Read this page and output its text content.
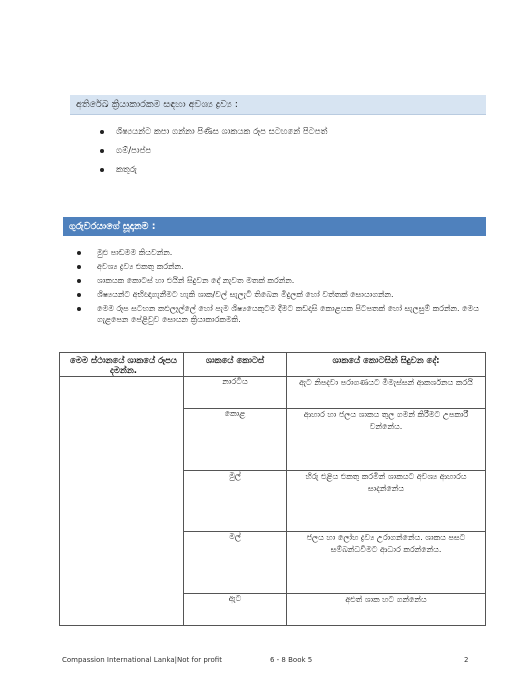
අතිරේඛ ක්‍රියාකාරකම සඳහා අවශ්‍ය ද්‍රව්‍ය :
ශිෂ්‍යයන්ට කපා ගන්නා පිණිස ශාකයක රූප සටහනේ පිටපත්
ගම්/පාප්ප
කතුරු
ගුරුවරයාගේ සූදානම :
මුළු පාඩමම කියවන්න.
අවශ්‍ය ද්‍රව්‍ය එකතු කරන්න.
ශාකයක කොටස් හා එයින් සිදුවන දේ නැවත මතක් කරන්න.
ශිෂ්‍යයන්ට අභිඥාගැනීමට හැකි ශාක/වල් සැලැටි තිබෙන මිදුලක් හෝ වත්තක් සොයාගන්න.
මෙම රූප සටහන කළුලෑල්ලේ හෝ පැම ශිෂ්‍යයෙකුටම දීමට කඩදාසි කොළයක පිටපතක් හෝ සැලසුම් කරන්න. මෙය ගැළපෙන පේළිවුව සොයන ක්‍රියාකාරකමකි.
මෙම ස්ථානයේ ශාකයේ රූපය දමන්න.	ශාකයේ කොටස්	ශාකයේ කොටසින් සිදුවන දේ:
	නාරටිය	ඇට නිපදවා පරාගණයට මීමැස්සන් ආකර්ශනය කරයි
	කොළ	ආහාර හා ජලය ශාකය තුල ගමන් කිරීමට උපකාරී වන්නේය.
	මුල්	හිරු එළිය එකතු කරමින් ශාකයට අවශ්‍ය ආහාරය සාදන්නේය
	මල්	ජලය හා ලෝහ ද්‍රව්‍ය උරාගන්නේය. ශාකය පසට සම්බන්ධවීමට ආධාර කරන්නේය.
	ඇට	අළුත් ශාක හට ගන්නේය
Compassion International Lanka|Not for profit	6 - 8 Book 5	2
